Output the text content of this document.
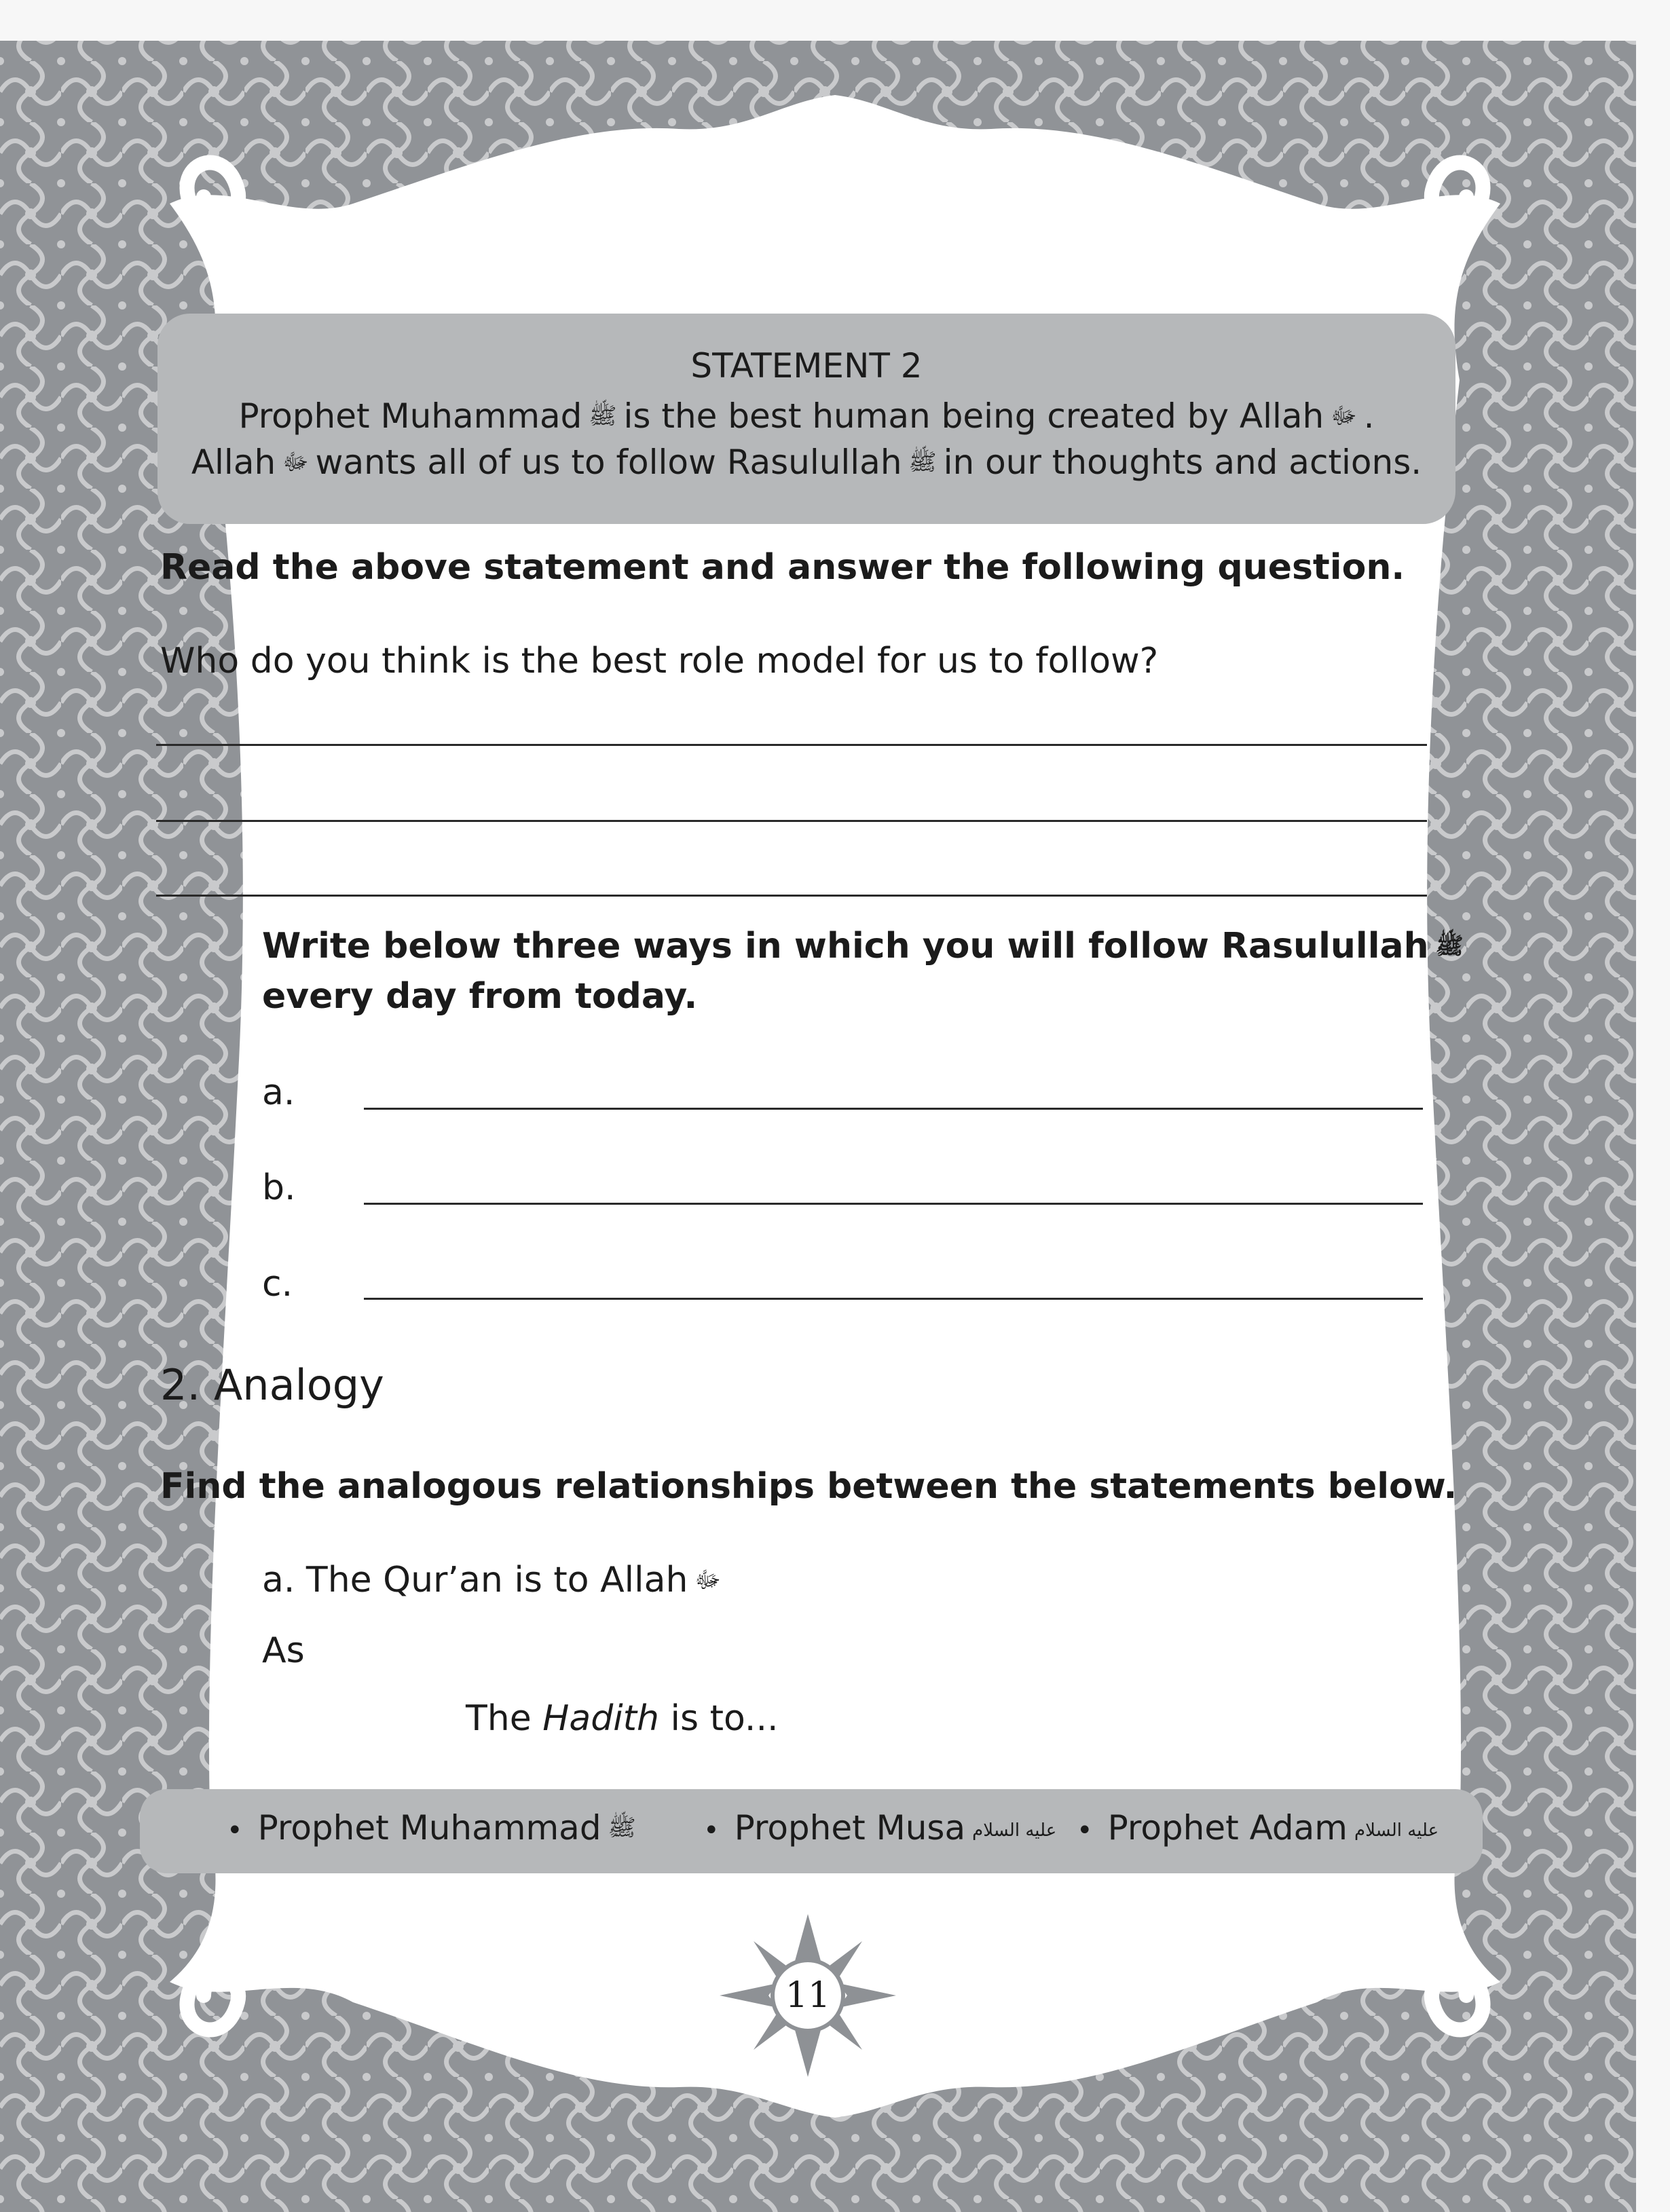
STATEMENT 2
Prophet Muhammad ﷺ is the best human being created by Allah ﷻ .
Allah ﷻ wants all of us to follow Rasulullah ﷺ in our thoughts and actions.
Read the above statement and answer the following question.
Who do you think is the best role model for us to follow?
Write below three ways in which you will follow Rasulullah ﷺ
every day from today.
a.
b.
c.
2. Analogy
Find the analogous relationships between the statements below.
a. The Qur’an is to Allah ﷻ
As
The Hadith is to...
• Prophet Muhammad ﷺ • Prophet Musa عليه السلام • Prophet Adam عليه السلام
11
